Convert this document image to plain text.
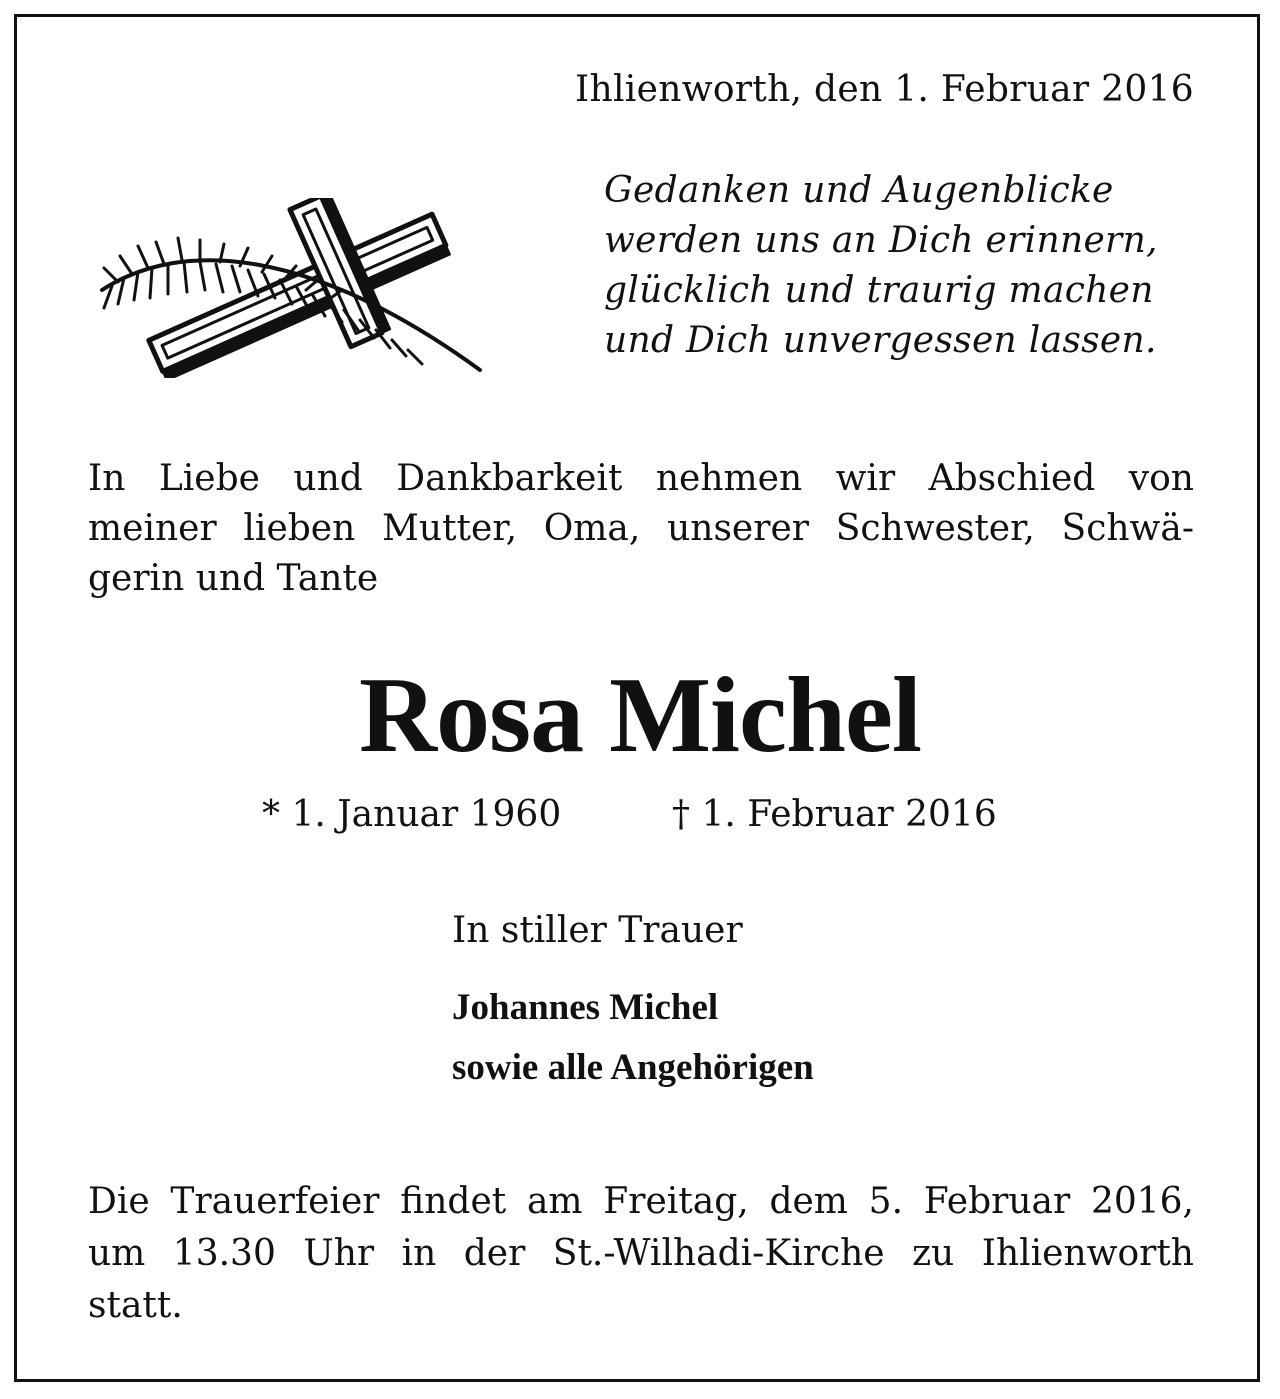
Ihlienworth, den 1. Februar 2016
Gedanken und Augenblicke
werden uns an Dich erinnern,
glücklich und traurig machen
und Dich unvergessen lassen.
In Liebe und Dankbarkeit nehmen wir Abschied von
meiner lieben Mutter, Oma, unserer Schwester, Schwä-
gerin und Tante
Rosa Michel
* 1. Januar 1960	† 1. Februar 2016
In stiller Trauer
Johannes Michel
sowie alle Angehörigen
Die Trauerfeier findet am Freitag, dem 5. Februar 2016,
um 13.30 Uhr in der St.-Wilhadi-Kirche zu Ihlienworth
statt.
